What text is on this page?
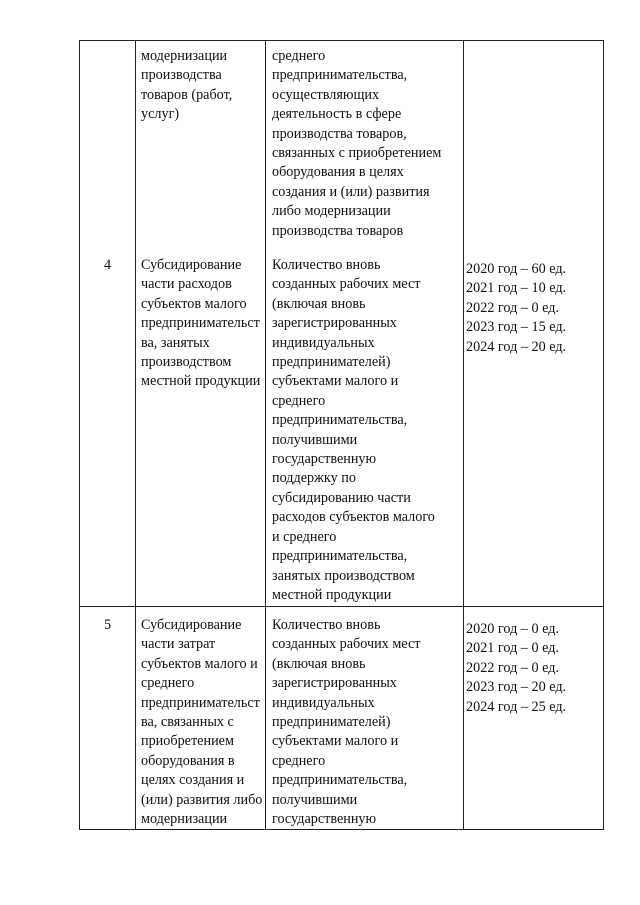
модернизации
производства
товаров (работ,
услуг)
среднего
предпринимательства,
осуществляющих
деятельность в сфере
производства товаров,
связанных с приобретением
оборудования в целях
создания и (или) развития
либо модернизации
производства товаров
4	Субсидирование
части расходов
субъектов малого
предпринимательст
ва, занятых
производством
местной продукции
Количество вновь
созданных рабочих мест
(включая вновь
зарегистрированных
индивидуальных
предпринимателей)
субъектами малого и
среднего
предпринимательства,
получившими
государственную
поддержку по
субсидированию части
расходов субъектов малого
и среднего
предпринимательства,
занятых производством
местной продукции
2020 год – 60 ед.
2021 год – 10 ед.
2022 год – 0 ед.
2023 год – 15 ед.
2024 год – 20 ед.
5	Субсидирование
части затрат
субъектов малого и
среднего
предпринимательст
ва, связанных с
приобретением
оборудования в
целях создания и
(или) развития либо
модернизации
Количество вновь
созданных рабочих мест
(включая вновь
зарегистрированных
индивидуальных
предпринимателей)
субъектами малого и
среднего
предпринимательства,
получившими
государственную
2020 год – 0 ед.
2021 год – 0 ед.
2022 год – 0 ед.
2023 год – 20 ед.
2024 год – 25 ед.
